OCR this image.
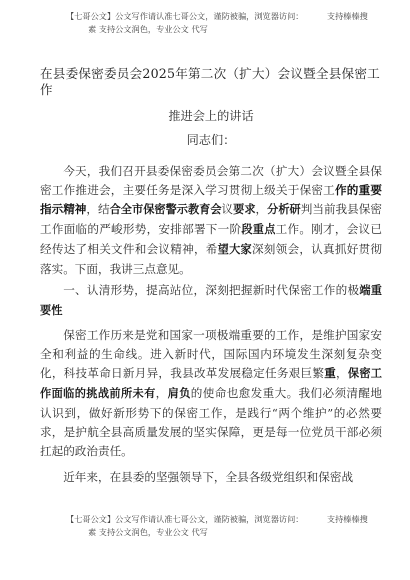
【七哥公文】公文写作请认准七哥公文，谨防被骗，浏览器访问：	支持榛榛搜
素 支持公文润色，专业公文 代写
在县委保密委员会2025年第二次（扩大）会议暨全县保密工作
推进会上的讲话
同志们：

今天，我们召开县委保密委员会第二次（扩大）会议暨全县保密工作推进会，主要任务是深入学习贯彻上级关于保密工作的重要指示精神，结合全市保密警示教育会议要求，分析研判当前我县保密工作面临的严峻形势，安排部署下一阶段重点工作。刚才，会议已经传达了相关文件和会议精神，希望大家深刻领会，认真抓好贯彻落实。下面，我讲三点意见。

一、认清形势，提高站位，深刻把握新时代保密工作的极端重要性

保密工作历来是党和国家一项极端重要的工作，是维护国家安全和利益的生命线。进入新时代，国际国内环境发生深刻复杂变化，科技革命日新月异，我县改革发展稳定任务艰巨繁重，保密工作面临的挑战前所未有，肩负的使命也愈发重大。我们必须清醒地认识到，做好新形势下的保密工作，是践行“两个维护”的必然要求，是护航全县高质量发展的坚实保障，更是每一位党员干部必须扛起的政治责任。

近年来，在县委的坚强领导下，全县各级党组织和保密战

【七哥公文】公文写作请认准七哥公文，谨防被骗，浏览器访问：	支持榛榛搜
素 支持公文润色，专业公文 代写
